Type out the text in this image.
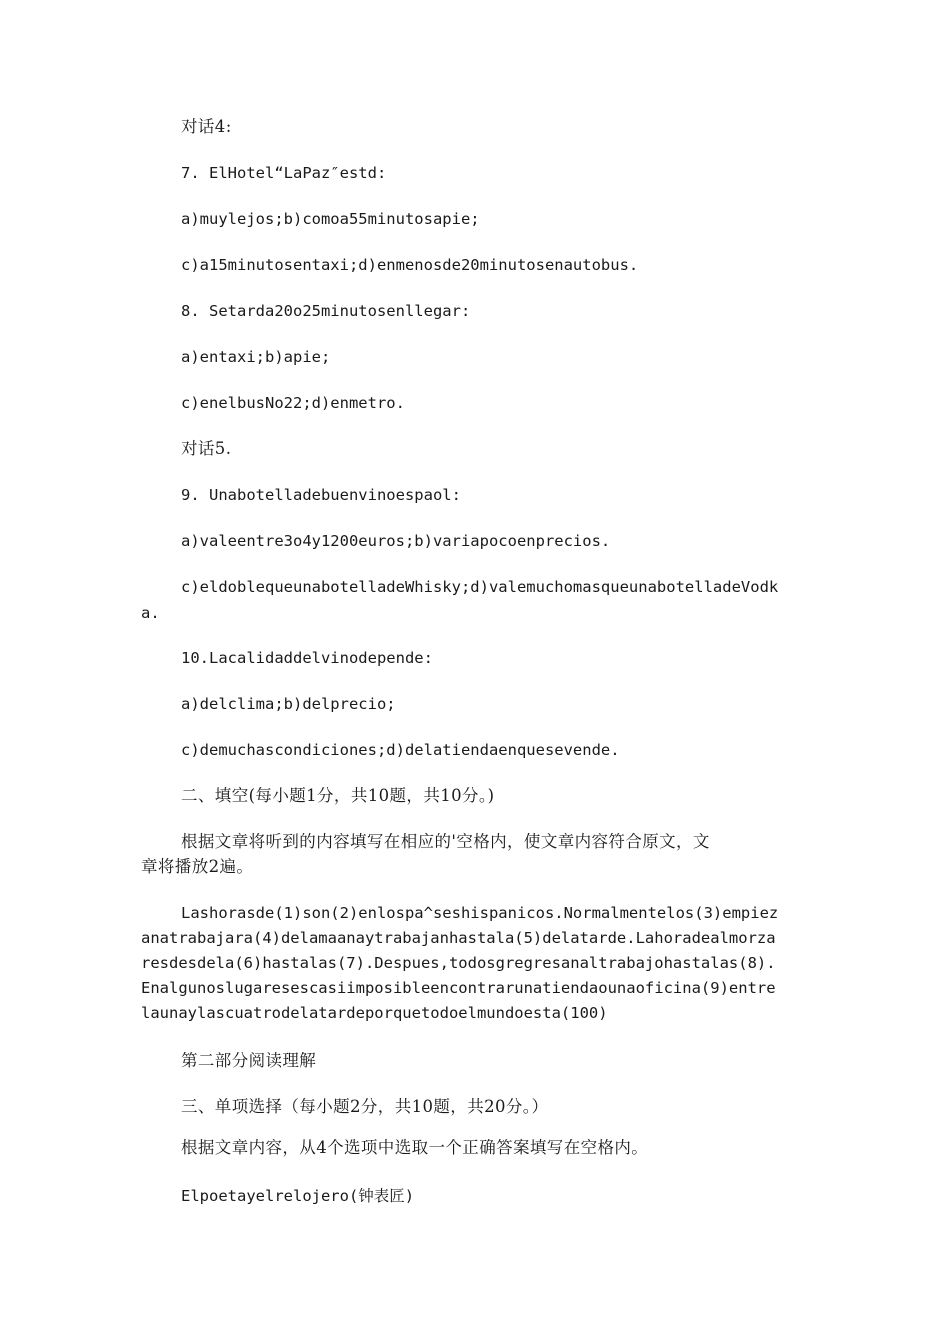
对话4:
7. ElHotel“LaPaz″estd:
a)muylejos;b)comoa55minutosapie;
c)a15minutosentaxi;d)enmenosde20minutosenautobus.
8. Setarda20o25minutosenllegar:
a)entaxi;b)apie;
c)enelbusNo22;d)enmetro.
对话5.
9. Unabotelladebuenvinoespaol:
a)valeentre3o4y1200euros;b)variapocoenprecios.
c)eldoblequeunabotelladeWhisky;d)valemuchomasqueunabotelladeVodk
a.
10.Lacalidaddelvinodepende:
a)delclima;b)delprecio;
c)demuchascondiciones;d)delatiendaenquesevende.
二、填空(每小题1分，共10题，共10分。)
根据文章将听到的内容填写在相应的'空格内，使文章内容符合原文，文
章将播放2遍。
Lashorasde(1)son(2)enlospa^seshispanicos.Normalmentelos(3)empiez
anatrabajara(4)delamaanaytrabajanhastala(5)delatarde.Lahoradealmorza
resdesdela(6)hastalas(7).Despues,todosgregresanaltrabajohastalas(8).
Enalgunoslugaresescasiimposibleencontrarunatiendaounaoficina(9)entre
launaylascuatrodelatardeporquetodoelmundoesta(100)
第二部分阅读理解
三、单项选择（每小题2分，共10题，共20分。）
根据文章内容，从4个选项中选取一个正确答案填写在空格内。
Elpoetayelrelojero(钟表匠)
